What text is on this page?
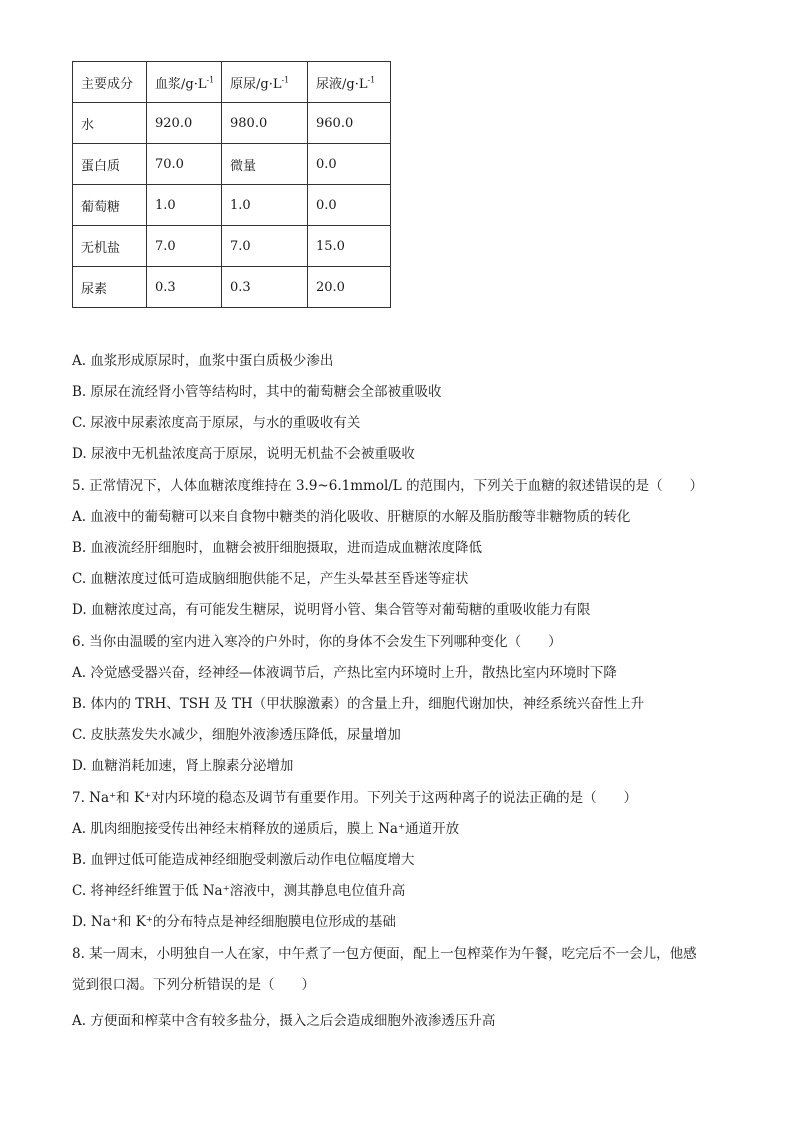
主要成分	血浆$/g\cdot L^{-1}$	原尿$/g\cdot L^{-1}$	尿液$/g\cdot L^{-1}$
水	920.0	980.0	960.0
蛋白质	70.0	微量	0.0
葡萄糖	1.0	1.0	0.0
无机盐	7.0	7.0	15.0
尿素	0.3	0.3	20.0
A. 血浆形成原尿时，血浆中蛋白质极少渗出
B. 原尿在流经肾小管等结构时，其中的葡萄糖会全部被重吸收
C. 尿液中尿素浓度高于原尿，与水的重吸收有关
D. 尿液中无机盐浓度高于原尿，说明无机盐不会被重吸收
5. 正常情况下，人体血糖浓度维持在 3.9~6.1mmol/L 的范围内，下列关于血糖的叙述错误的是（　　）
A. 血液中的葡萄糖可以来自食物中糖类的消化吸收、肝糖原的水解及脂肪酸等非糖物质的转化
B. 血液流经肝细胞时，血糖会被肝细胞摄取，进而造成血糖浓度降低
C. 血糖浓度过低可造成脑细胞供能不足，产生头晕甚至昏迷等症状
D. 血糖浓度过高，有可能发生糖尿，说明肾小管、集合管等对葡萄糖的重吸收能力有限
6. 当你由温暖的室内进入寒冷的户外时，你的身体不会发生下列哪种变化（　　）
A. 冷觉感受器兴奋，经神经—体液调节后，产热比室内环境时上升，散热比室内环境时下降
B. 体内的 TRH、TSH 及 TH（甲状腺激素）的含量上升，细胞代谢加快，神经系统兴奋性上升
C. 皮肤蒸发失水减少，细胞外液渗透压降低，尿量增加
D. 血糖消耗加速，肾上腺素分泌增加
7. Na⁺和 K⁺对内环境的稳态及调节有重要作用。下列关于这两种离子的说法正确的是（　　）
A. 肌肉细胞接受传出神经末梢释放的递质后，膜上 Na⁺通道开放
B. 血钾过低可能造成神经细胞受刺激后动作电位幅度增大
C. 将神经纤维置于低 Na⁺溶液中，测其静息电位值升高
D. Na⁺和 K⁺的分布特点是神经细胞膜电位形成的基础
8. 某一周末，小明独自一人在家，中午煮了一包方便面，配上一包榨菜作为午餐，吃完后不一会儿，他感
觉到很口渴。下列分析错误的是（　　）
A. 方便面和榨菜中含有较多盐分，摄入之后会造成细胞外液渗透压升高
